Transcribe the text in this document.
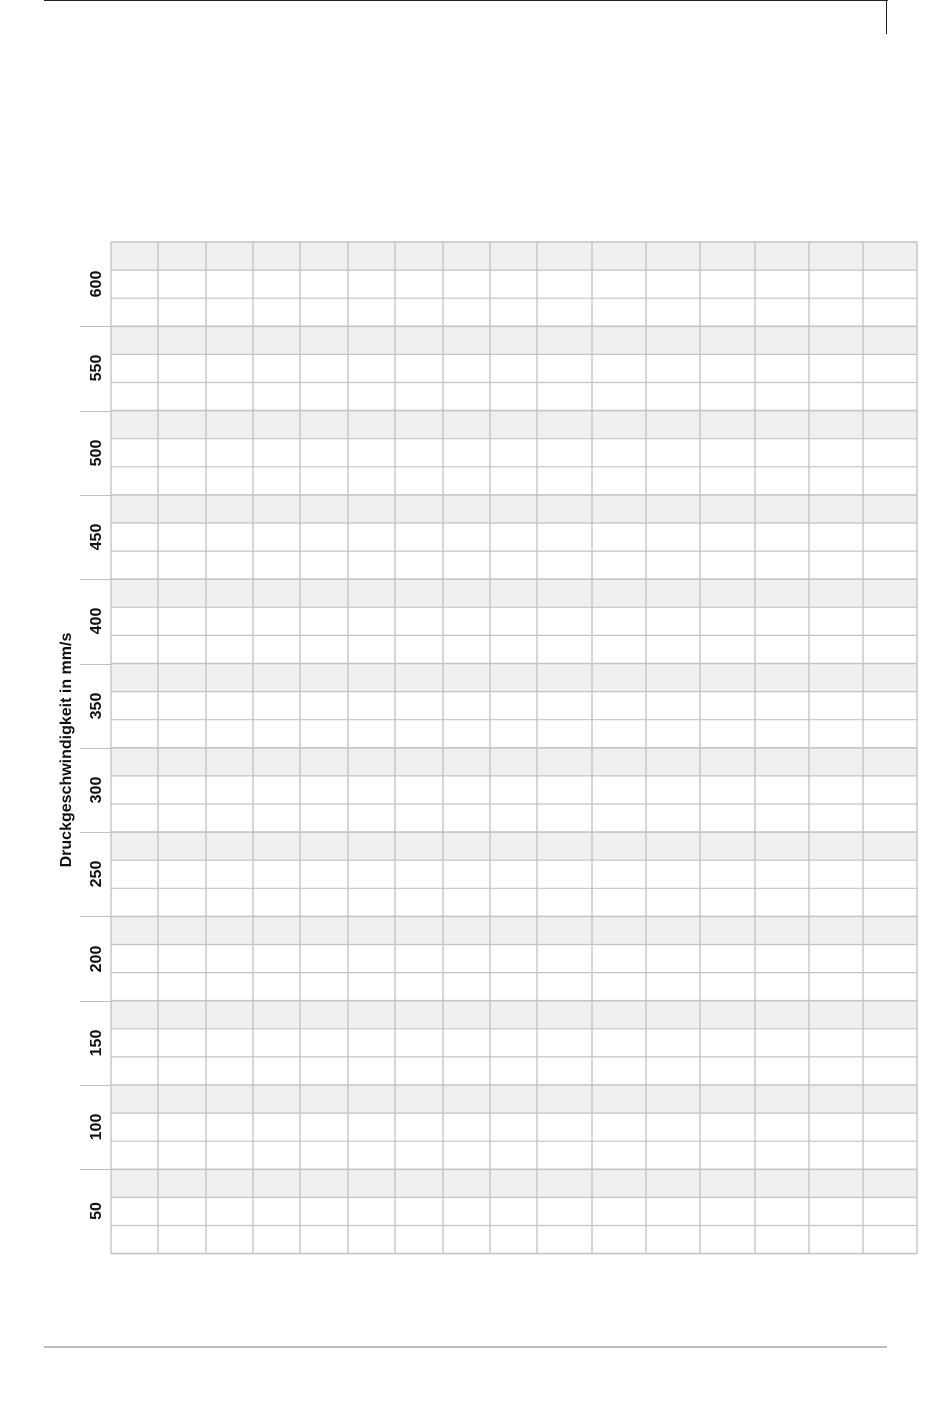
Druckgeschwindigkeit in mm/s
600
550
500
450
400
350
300
250
200
150
100
50
